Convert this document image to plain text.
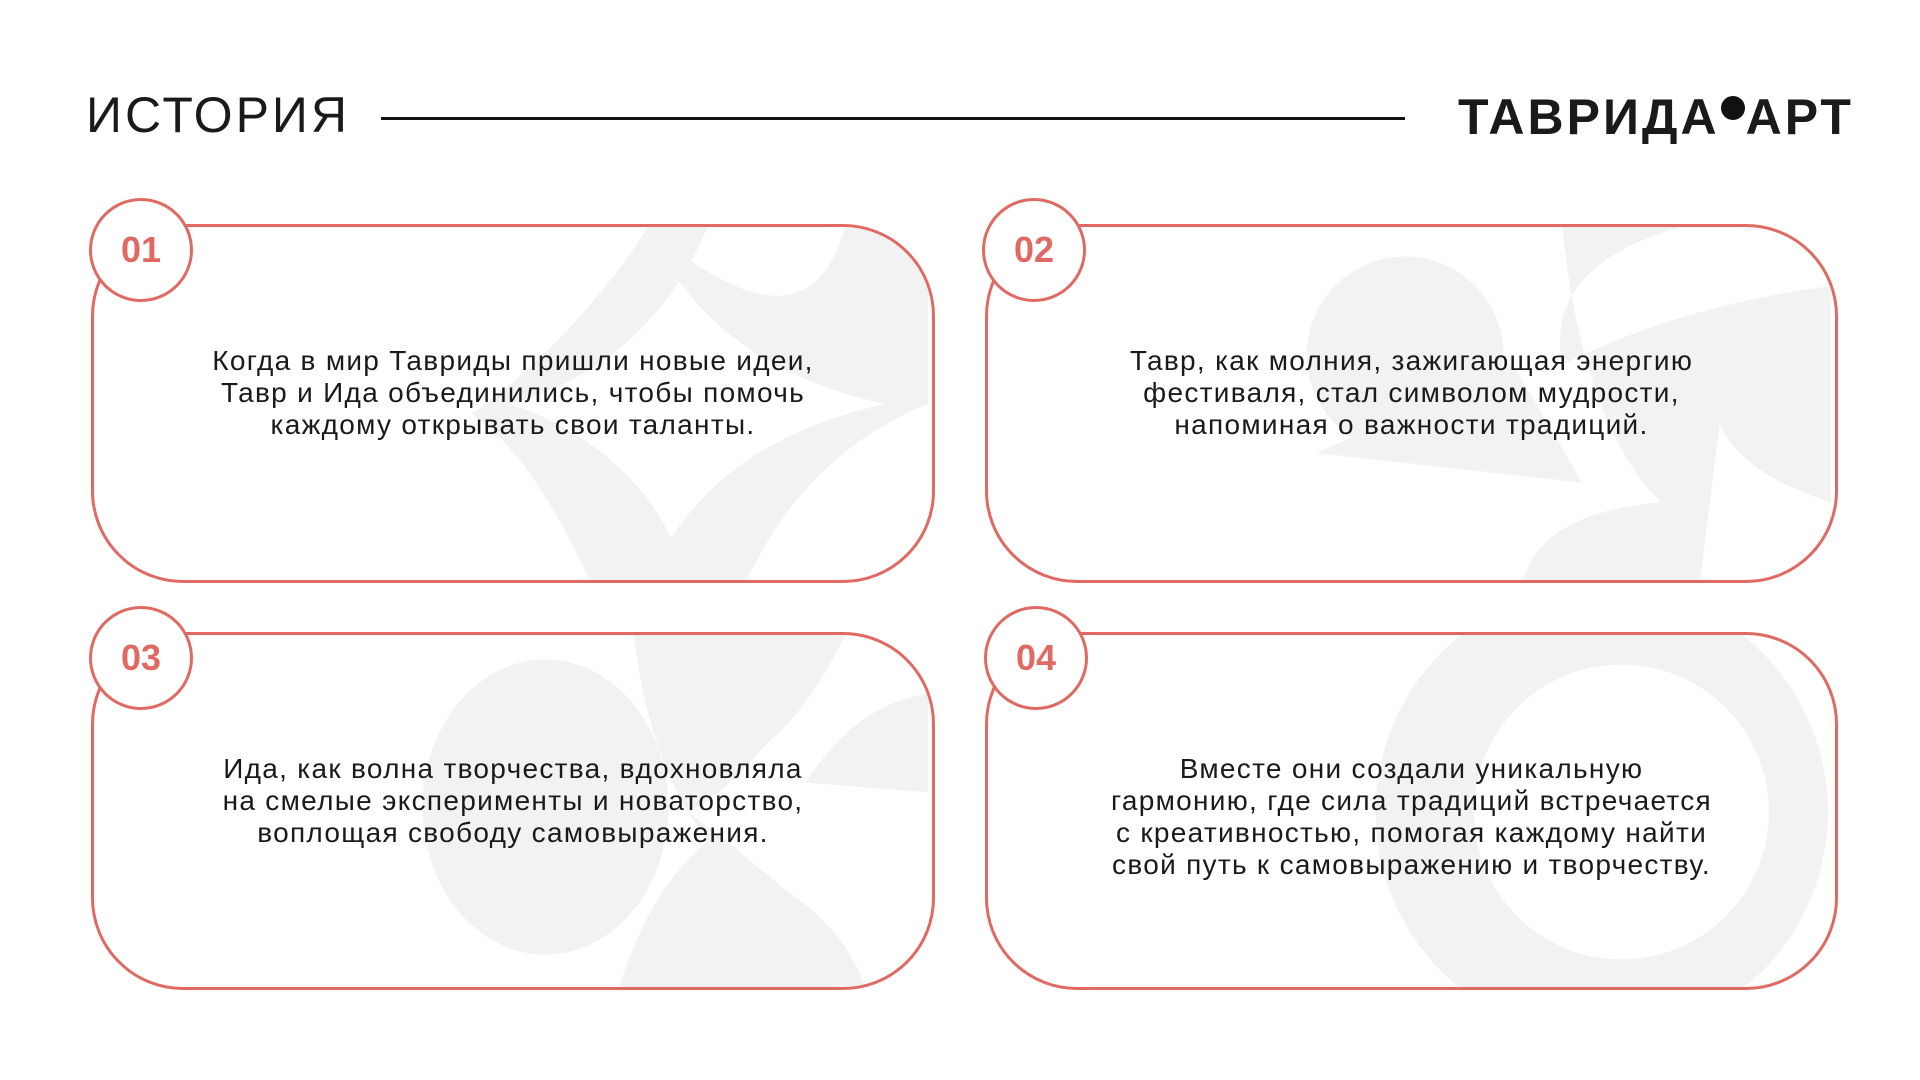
ИСТОРИЯ	ТАВРИДА АРТ
Когда в мир Тавриды пришли новые идеи,
Тавр и Ида объединились, чтобы помочь
каждому открывать свои таланты.
01
Тавр, как молния, зажигающая энергию
фестиваля, стал символом мудрости,
напоминая о важности традиций.
02
Ида, как волна творчества, вдохновляла
на смелые эксперименты и новаторство,
воплощая свободу самовыражения.
03
Вместе они создали уникальную
гармонию, где сила традиций встречается
с креативностью, помогая каждому найти
свой путь к самовыражению и творчеству.
04
